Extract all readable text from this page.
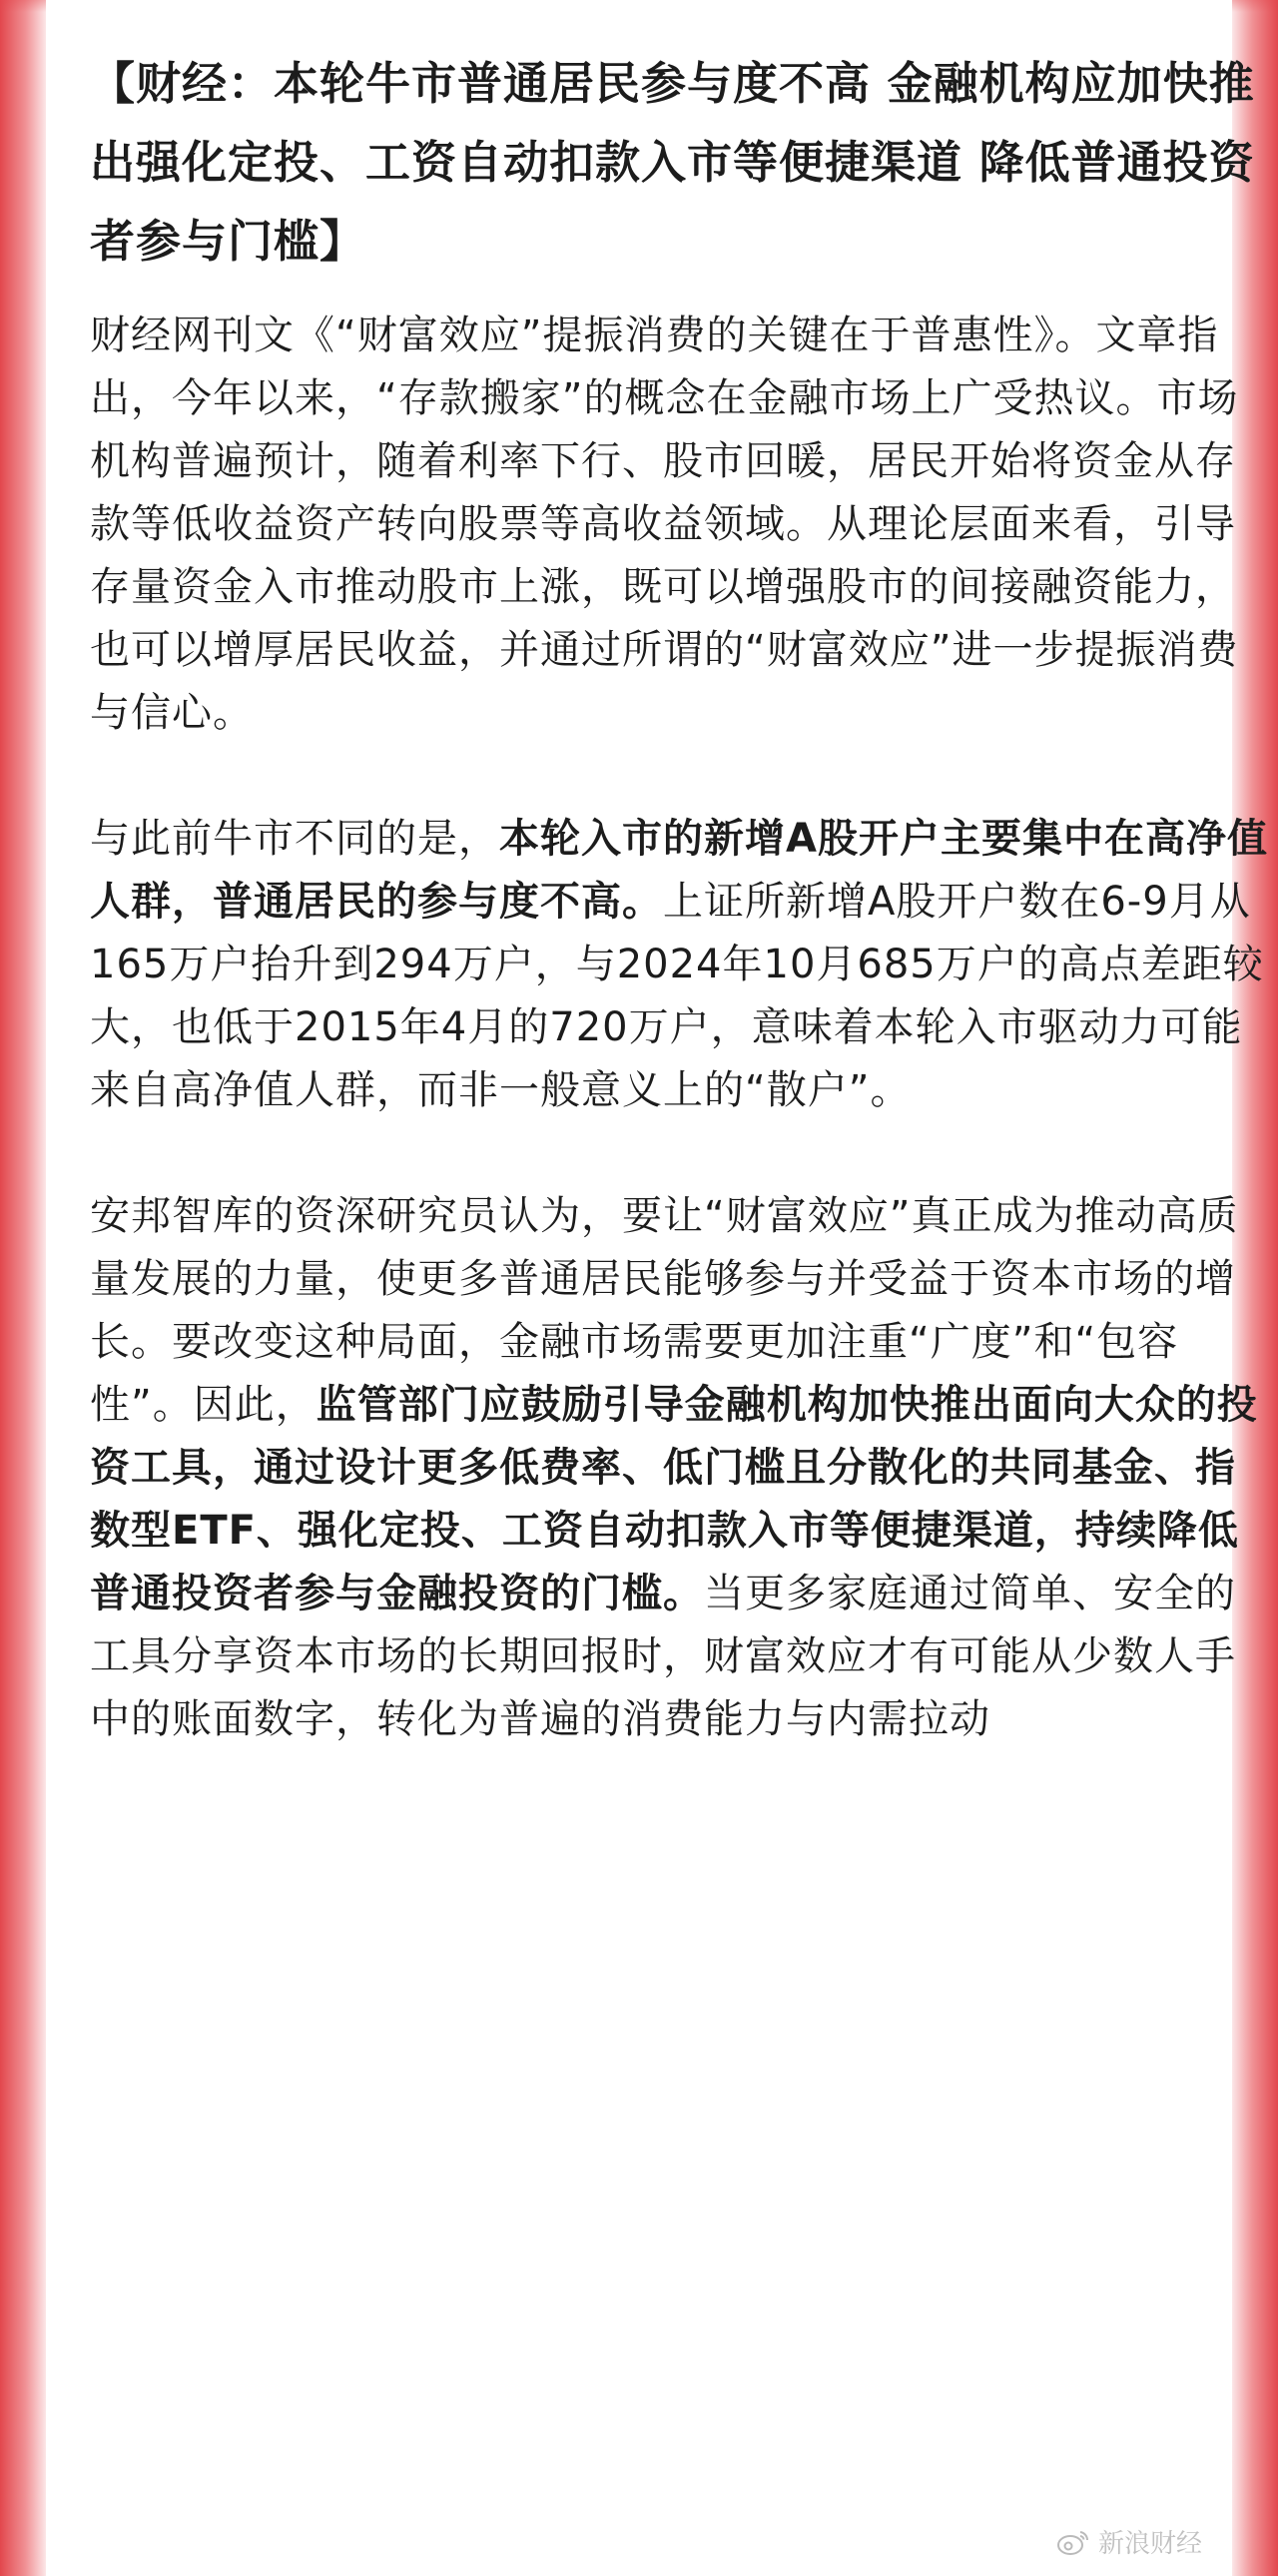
【财经：本轮牛市普通居民参与度不高 金融机构应加快推出强化定投、工资自动扣款入市等便捷渠道 降低普通投资者参与门槛】

财经网刊文《“财富效应”提振消费的关键在于普惠性》。文章指出，今年以来，“存款搬家”的概念在金融市场上广受热议。市场机构普遍预计，随着利率下行、股市回暖，居民开始将资金从存款等低收益资产转向股票等高收益领域。从理论层面来看，引导存量资金入市推动股市上涨，既可以增强股市的间接融资能力，也可以增厚居民收益，并通过所谓的“财富效应”进一步提振消费与信心。

与此前牛市不同的是，本轮入市的新增A股开户主要集中在高净值人群，普通居民的参与度不高。上证所新增A股开户数在6-9月从165万户抬升到294万户，与2024年10月685万户的高点差距较大，也低于2015年4月的720万户，意味着本轮入市驱动力可能来自高净值人群，而非一般意义上的“散户”。

安邦智库的资深研究员认为，要让“财富效应”真正成为推动高质量发展的力量，使更多普通居民能够参与并受益于资本市场的增长。要改变这种局面，金融市场需要更加注重“广度”和“包容性”。因此，监管部门应鼓励引导金融机构加快推出面向大众的投资工具，通过设计更多低费率、低门槛且分散化的共同基金、指数型ETF、强化定投、工资自动扣款入市等便捷渠道，持续降低普通投资者参与金融投资的门槛。当更多家庭通过简单、安全的工具分享资本市场的长期回报时，财富效应才有可能从少数人手中的账面数字，转化为普遍的消费能力与内需拉动

新浪财经
